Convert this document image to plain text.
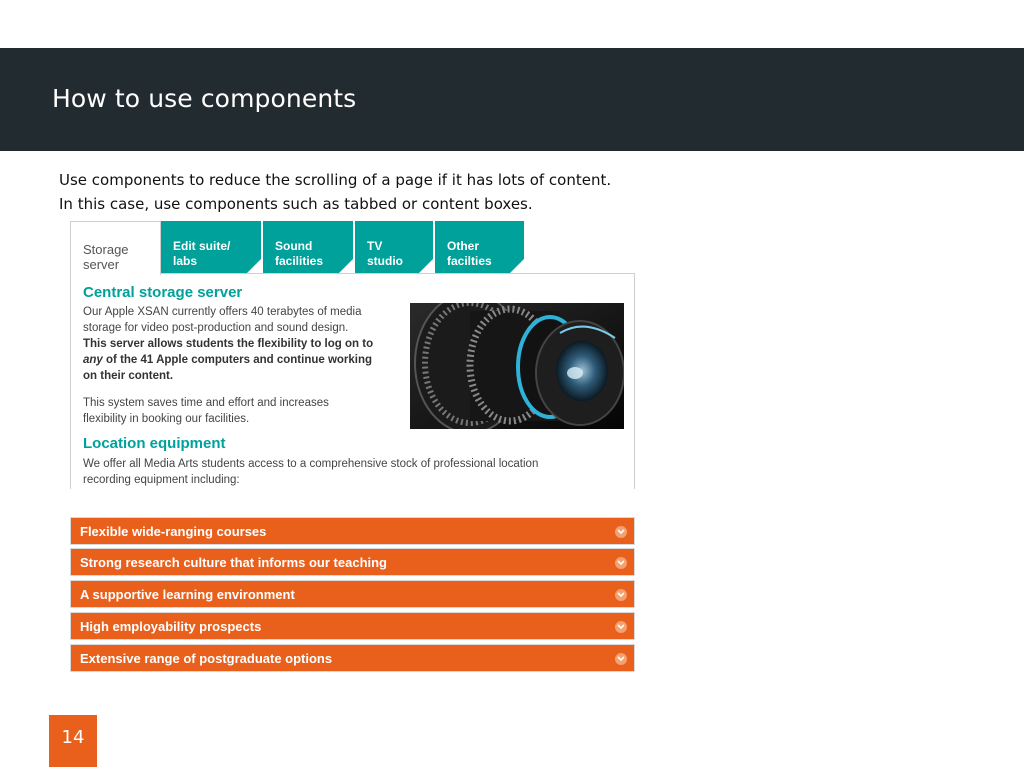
How to use components
Use components to reduce the scrolling of a page if it has lots of content.
In this case, use components such as tabbed or content boxes.
Storage
server
Edit suite/
labs
Sound
facilities
TV
studio
Other
facilties
Central storage server

Our Apple XSAN currently offers 40 terabytes of media

storage for video post-production and sound design.

This server allows students the flexibility to log on to

any of the 41 Apple computers and continue working

on their content.

This system saves time and effort and increases

flexibility in booking our facilities.

Location equipment

We offer all Media Arts students access to a comprehensive stock of professional location

recording equipment including:

Flexible wide-ranging courses
Strong research culture that informs our teaching
A supportive learning environment
High employability prospects
Extensive range of postgraduate options
14
